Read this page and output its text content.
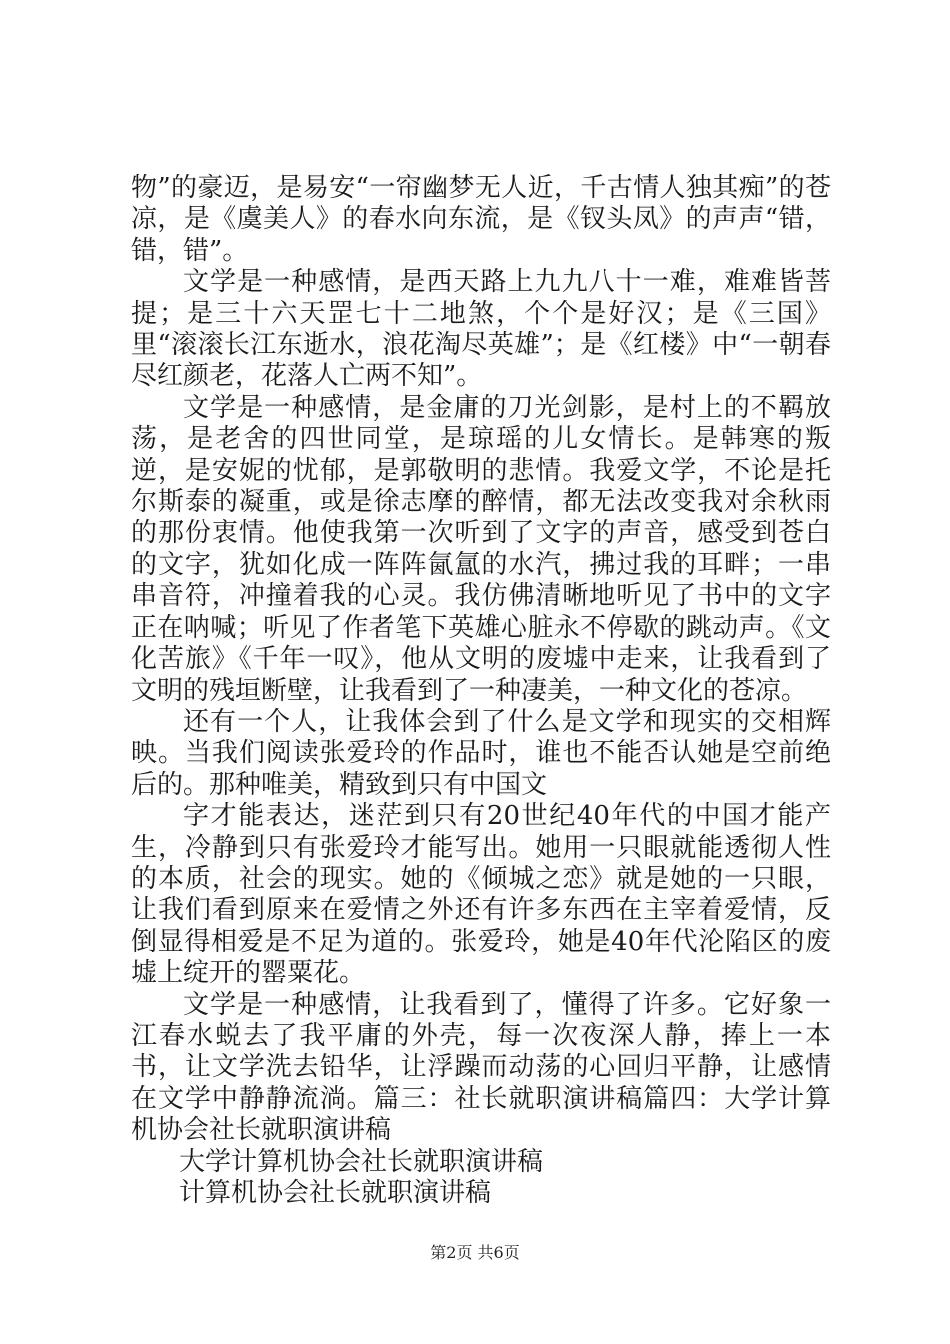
物”的豪迈，是易安“一帘幽梦无人近，千古情人独其痴”的苍凉，是《虞美人》的春水向东流，是《钗头凤》的声声“错，错，错”。

文学是一种感情，是西天路上九九八十一难，难难皆菩提；是三十六天罡七十二地煞，个个是好汉；是《三国》里“滚滚长江东逝水，浪花淘尽英雄”；是《红楼》中“一朝春尽红颜老，花落人亡两不知”。

文学是一种感情，是金庸的刀光剑影，是村上的不羁放荡，是老舍的四世同堂，是琼瑶的儿女情长。是韩寒的叛逆，是安妮的忧郁，是郭敬明的悲情。我爱文学，不论是托尔斯泰的凝重，或是徐志摩的醉情，都无法改变我对余秋雨的那份衷情。他使我第一次听到了文字的声音，感受到苍白的文字，犹如化成一阵阵氤氲的水汽，拂过我的耳畔；一串串音符，冲撞着我的心灵。我仿佛清晰地听见了书中的文字正在呐喊；听见了作者笔下英雄心脏永不停歇的跳动声。《文化苦旅》《千年一叹》，他从文明的废墟中走来，让我看到了文明的残垣断壁，让我看到了一种凄美，一种文化的苍凉。

还有一个人，让我体会到了什么是文学和现实的交相辉映。当我们阅读张爱玲的作品时，谁也不能否认她是空前绝后的。那种唯美，精致到只有中国文

字才能表达，迷茫到只有20世纪40年代的中国才能产生，冷静到只有张爱玲才能写出。她用一只眼就能透彻人性的本质，社会的现实。她的《倾城之恋》就是她的一只眼，让我们看到原来在爱情之外还有许多东西在主宰着爱情，反倒显得相爱是不足为道的。张爱玲，她是40年代沦陷区的废墟上绽开的罂粟花。

文学是一种感情，让我看到了，懂得了许多。它好象一江春水蜕去了我平庸的外壳，每一次夜深人静，捧上一本书，让文学洗去铅华，让浮躁而动荡的心回归平静，让感情在文学中静静流淌。篇三：社长就职演讲稿篇四：大学计算机协会社长就职演讲稿

大学计算机协会社长就职演讲稿

计算机协会社长就职演讲稿

第2页 共6页
